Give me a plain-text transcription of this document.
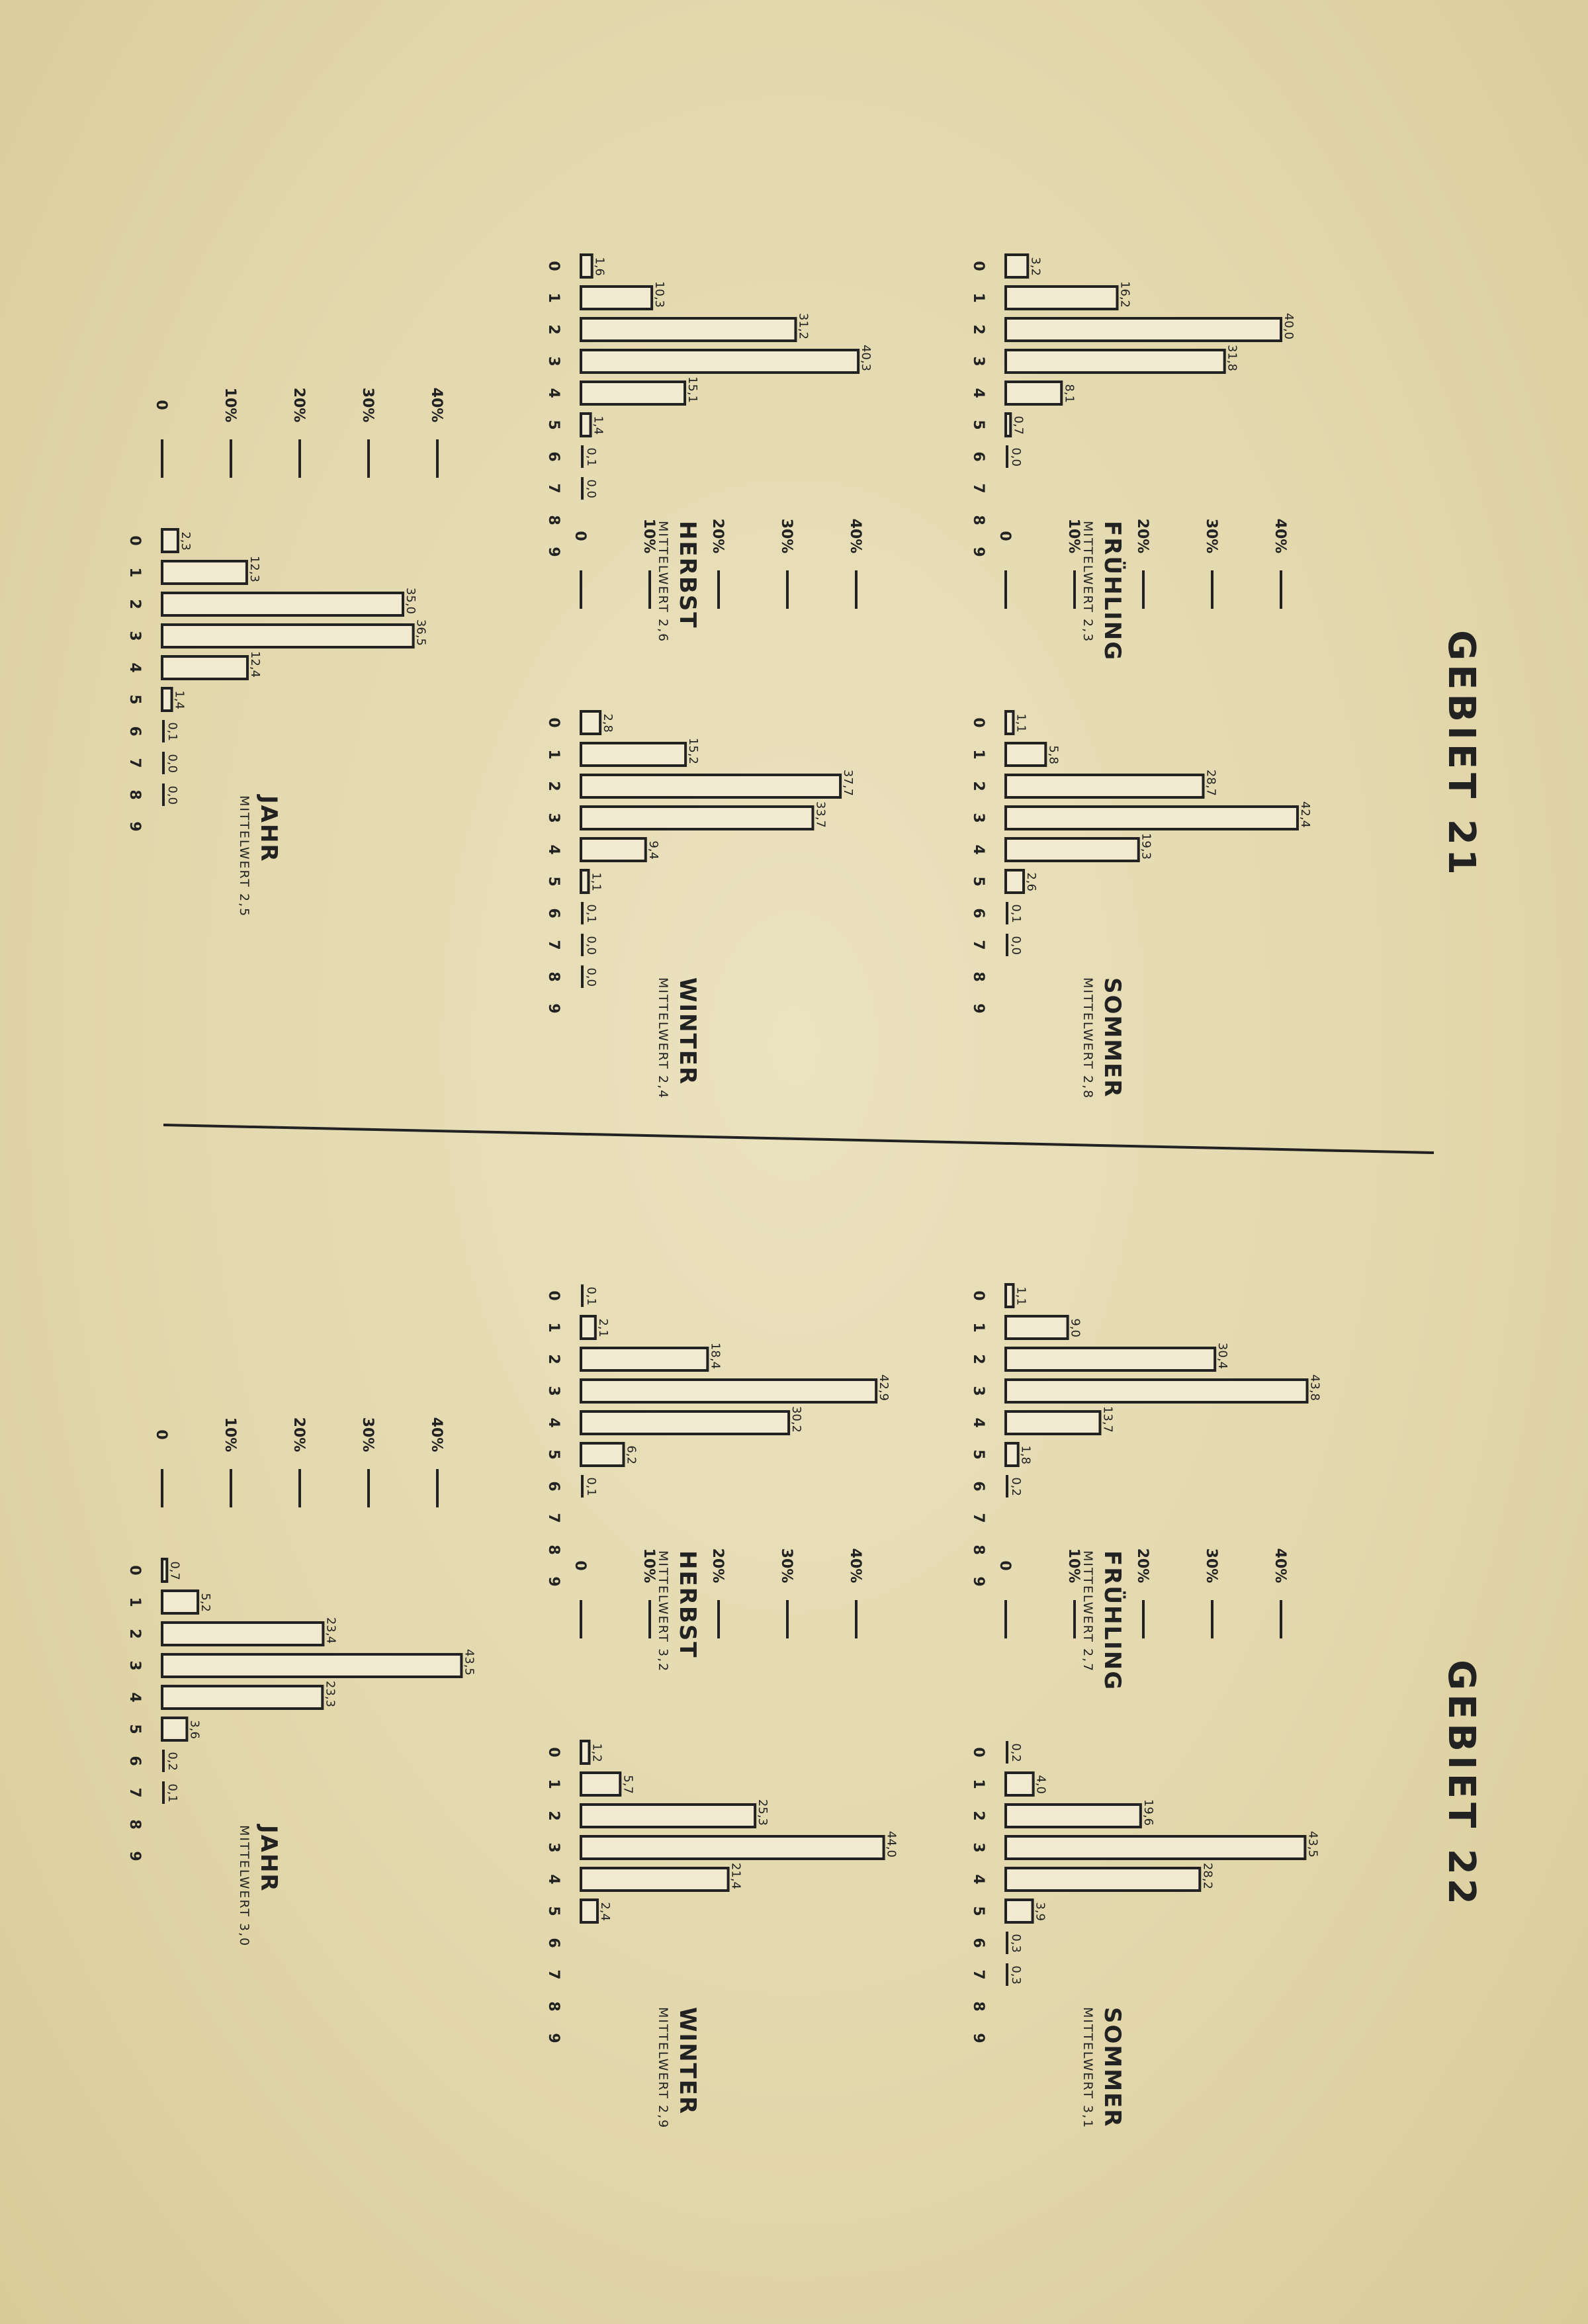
GEBIET 21
0	10%	20%	30%	40%
0	10%	20%	30%	40%
0	10%	20%	30%	40%
0
1
2
3
4
5
6
7
8
9
3,2
16,2
40,0
31,8
8,1
0,7
0,0
FRÜHLING
MITTELWERT 2,3
0
1
2
3
4
5
6
7
8
9
1,1
5,8
28,7
42,4
19,3
2,6
0,1
0,0
SOMMER
MITTELWERT 2,8
0
1
2
3
4
5
6
7
8
9
1,6
10,3
31,2
40,3
15,1
1,4
0,1
0,0
HERBST
MITTELWERT 2,6
0
1
2
3
4
5
6
7
8
9
2,8
15,2
37,7
33,7
9,4
1,1
0,1
0,0
0,0
WINTER
MITTELWERT 2,4
0
1
2
3
4
5
6
7
8
9
2,3
12,3
35,0
36,5
12,4
1,4
0,1
0,0
0,0
JAHR
MITTELWERT 2,5
GEBIET 22
0	10%	20%	30%	40%
0	10%	20%	30%	40%
0	10%	20%	30%	40%
0
1
2
3
4
5
6
7
8
9
1,1
9,0
30,4
43,8
13,7
1,8
0,2
FRÜHLING
MITTELWERT 2,7
0
1
2
3
4
5
6
7
8
9
0,2
4,0
19,6
43,5
28,2
3,9
0,3
0,3
SOMMER
MITTELWERT 3,1
0
1
2
3
4
5
6
7
8
9
0,1
2,1
18,4
42,9
30,2
6,2
0,1
HERBST
MITTELWERT 3,2
0
1
2
3
4
5
6
7
8
9
1,2
5,7
25,3
44,0
21,4
2,4
WINTER
MITTELWERT 2,9
0
1
2
3
4
5
6
7
8
9
0,7
5,2
23,4
43,5
23,3
3,6
0,2
0,1
JAHR
MITTELWERT 3,0
